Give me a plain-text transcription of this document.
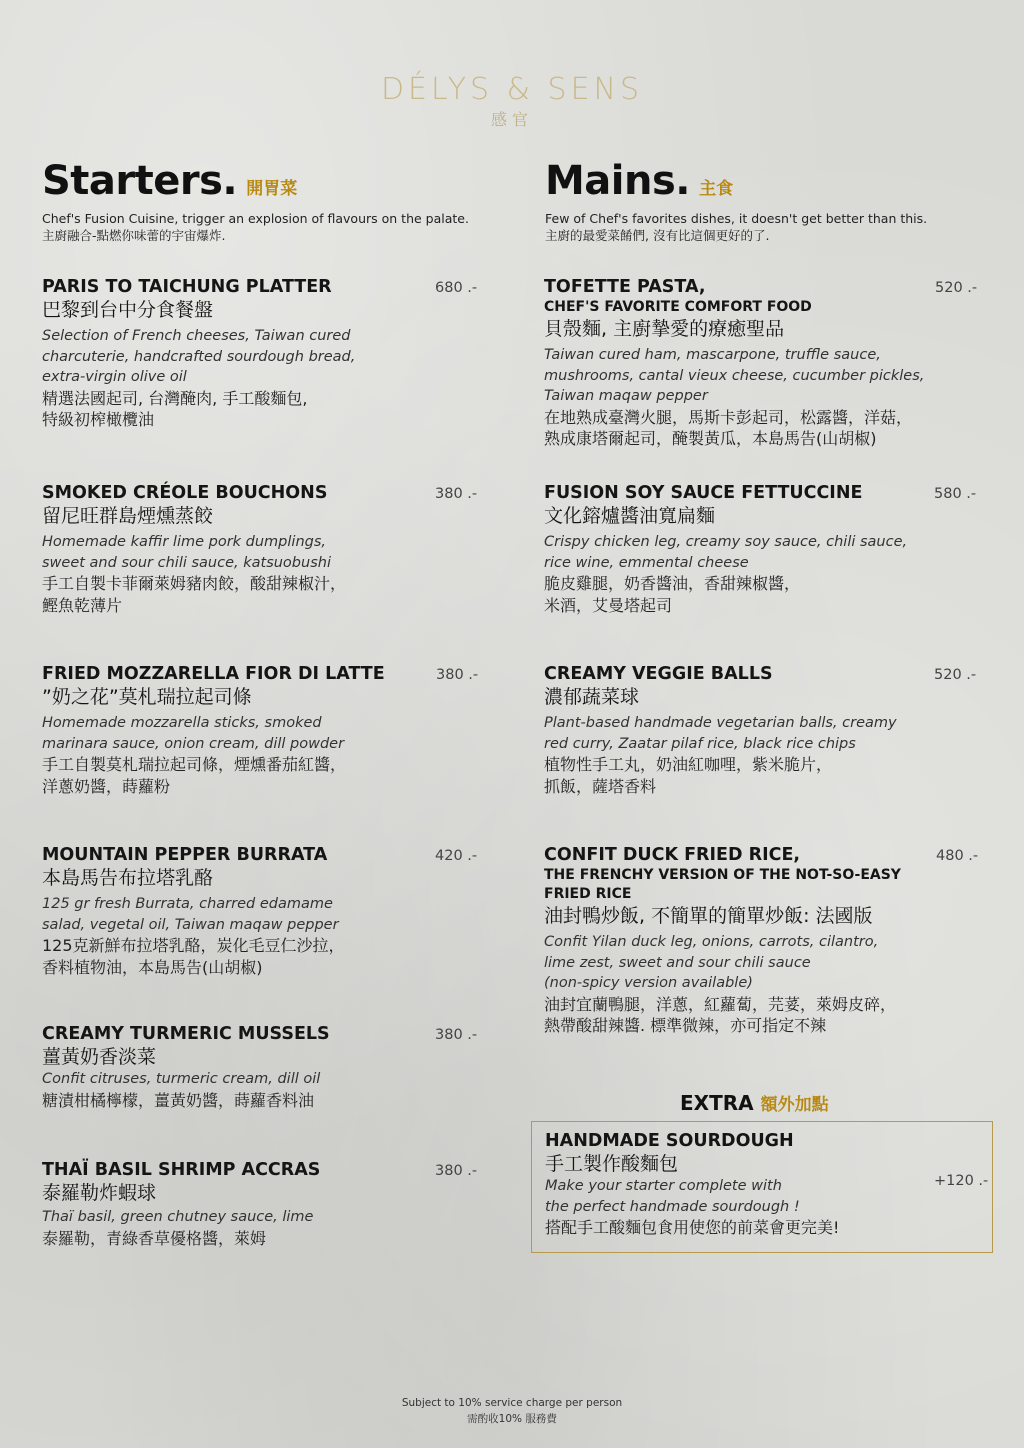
DÉLYS & SENS
感官
Starters. 開胃菜
Chef's Fusion Cuisine, trigger an explosion of flavours on the palate.
主廚融合-點燃你味蕾的宇宙爆炸.
Mains. 主食
Few of Chef's favorites dishes, it doesn't get better than this.
主廚的最愛菜餚們, 沒有比這個更好的了.
PARIS TO TAICHUNG PLATTER
巴黎到台中分食餐盤
Selection of French cheeses, Taiwan cured
charcuterie, handcrafted sourdough bread,
extra-virgin olive oil
精選法國起司, 台灣醃肉, 手工酸麵包,
特級初榨橄欖油
680 .-
SMOKED CRÉOLE BOUCHONS
留尼旺群島煙燻蒸餃
Homemade kaffir lime pork dumplings,
sweet and sour chili sauce, katsuobushi
手工自製卡菲爾萊姆豬肉餃，酸甜辣椒汁，
鰹魚乾薄片
380 .-
FRIED MOZZARELLA FIOR DI LATTE
”奶之花”莫札瑞拉起司條
Homemade mozzarella sticks, smoked
marinara sauce, onion cream, dill powder
手工自製莫札瑞拉起司條，煙燻番茄紅醬，
洋蔥奶醬，蒔蘿粉
380 .-
MOUNTAIN PEPPER BURRATA
本島馬告布拉塔乳酪
125 gr fresh Burrata, charred edamame
salad, vegetal oil, Taiwan maqaw pepper
125克新鮮布拉塔乳酪，炭化毛豆仁沙拉，
香料植物油，本島馬告(山胡椒)
420 .-
CREAMY TURMERIC MUSSELS
薑黃奶香淡菜
Confit citruses, turmeric cream, dill oil
糖漬柑橘檸檬，薑黃奶醬，蒔蘿香料油
380 .-
THAÏ BASIL SHRIMP ACCRAS
泰羅勒炸蝦球
Thaï basil, green chutney sauce, lime
泰羅勒，青綠香草優格醬，萊姆
380 .-
TOFETTE PASTA,
CHEF'S FAVORITE COMFORT FOOD
貝殼麵, 主廚摯愛的療癒聖品
Taiwan cured ham, mascarpone, truffle sauce,
mushrooms, cantal vieux cheese, cucumber pickles,
Taiwan maqaw pepper
在地熟成臺灣火腿，馬斯卡彭起司，松露醬，洋菇，
熟成康塔爾起司，醃製黃瓜，本島馬告(山胡椒)
520 .-
FUSION SOY SAUCE FETTUCCINE
文化鎔爐醬油寬扁麵
Crispy chicken leg, creamy soy sauce, chili sauce,
rice wine, emmental cheese
脆皮雞腿，奶香醬油，香甜辣椒醬，
米酒，艾曼塔起司
580 .-
CREAMY VEGGIE BALLS
濃郁蔬菜球
Plant-based handmade vegetarian balls, creamy
red curry, Zaatar pilaf rice, black rice chips
植物性手工丸，奶油紅咖哩，紫米脆片，
抓飯，薩塔香料
520 .-
CONFIT DUCK FRIED RICE,
THE FRENCHY VERSION OF THE NOT-SO-EASY
FRIED RICE
油封鴨炒飯, 不簡單的簡單炒飯: 法國版
Confit Yilan duck leg, onions, carrots, cilantro,
lime zest, sweet and sour chili sauce
(non-spicy version available)
油封宜蘭鴨腿，洋蔥，紅蘿蔔，芫荽，萊姆皮碎，
熱帶酸甜辣醬. 標準微辣，亦可指定不辣
480 .-
EXTRA 額外加點
HANDMADE SOURDOUGH
手工製作酸麵包
Make your starter complete with
the perfect handmade sourdough !
搭配手工酸麵包食用使您的前菜會更完美!
+120 .-
Subject to 10% service charge per person
需酌收10% 服務費
